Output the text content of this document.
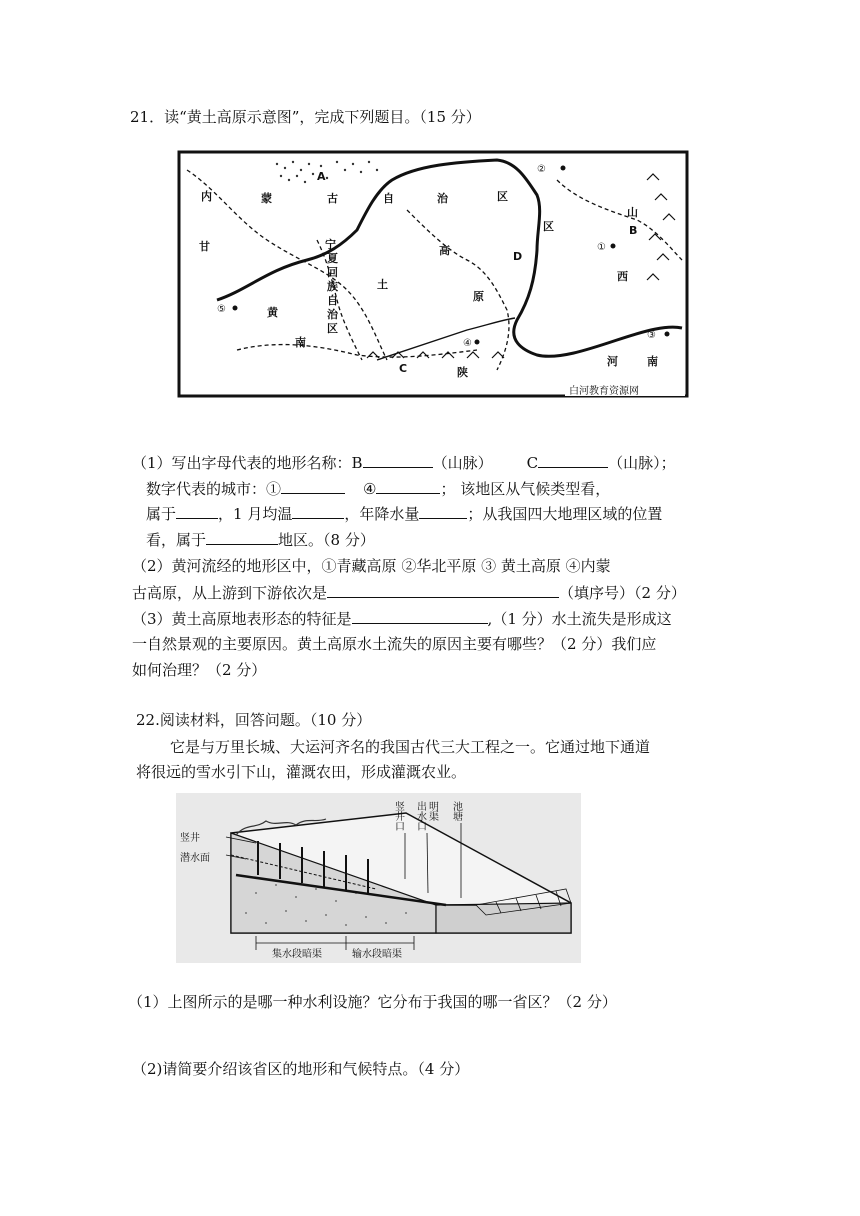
21．读“黄土高原示意图”，完成下列题目。（15 分）
A
B
C
D
内	蒙	古	自	治	区
甘	宁
夏
回
族
自
治
区
黄
土
高
原
陕
山
西
河	南
南
区
①
②
③
④
⑤
白河教育资源网
（1）写出字母代表的地形名称：B	（山脉） C	（山脉）；
数字代表的城市：①	④	； 该地区从气候类型看，
属于	，1 月均温	，年降水量	；从我国四大地理区域的位置
看，属于	地区。（8 分）
（2）黄河流经的地形区中，①青藏高原 ②华北平原 ③ 黄土高原 ④内蒙
古高原，从上游到下游依次是	（填序号）（2 分）
（3）黄土高原地表形态的特征是	,（1 分）水土流失是形成这
一自然景观的主要原因。黄土高原水土流失的原因主要有哪些？（2 分）我们应
如何治理？（2 分）
22.阅读材料，回答问题。（10 分）
它是与万里长城、大运河齐名的我国古代三大工程之一。它通过地下通道
将很远的雪水引下山，灌溉农田，形成灌溉农业。
竖井
潜水面
竖井口 出水口 明渠 池塘
集水段暗渠	输水段暗渠
（1）上图所示的是哪一种水利设施？它分布于我国的哪一省区？（2 分）
（2)请简要介绍该省区的地形和气候特点。（4 分）
